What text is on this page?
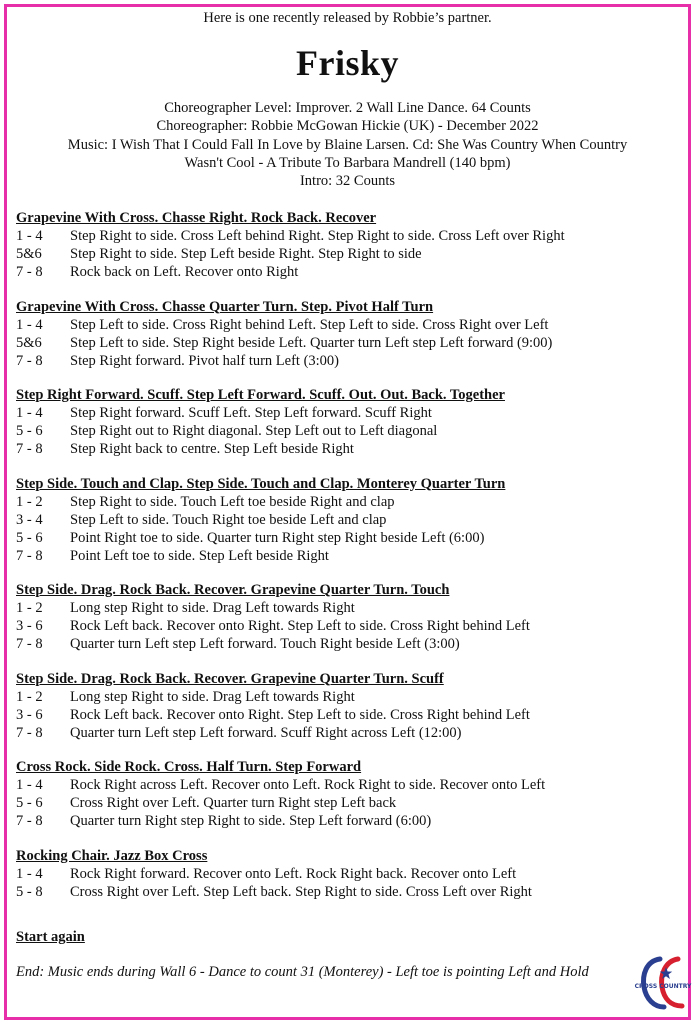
Here is one recently released by Robbie’s partner.
Frisky
Choreographer Level: Improver. 2 Wall Line Dance. 64 Counts
Choreographer: Robbie McGowan Hickie (UK) - December 2022
Music: I Wish That I Could Fall In Love by Blaine Larsen. Cd: She Was Country When Country
Wasn't Cool - A Tribute To Barbara Mandrell (140 bpm)
Intro: 32 Counts
Grapevine With Cross. Chasse Right. Rock Back. Recover
1 - 4	Step Right to side. Cross Left behind Right. Step Right to side. Cross Left over Right
5&6	Step Right to side. Step Left beside Right. Step Right to side
7 - 8	Rock back on Left. Recover onto Right
Grapevine With Cross. Chasse Quarter Turn. Step. Pivot Half Turn
1 - 4	Step Left to side. Cross Right behind Left. Step Left to side. Cross Right over Left
5&6	Step Left to side. Step Right beside Left. Quarter turn Left step Left forward (9:00)
7 - 8	Step Right forward. Pivot half turn Left (3:00)
Step Right Forward. Scuff. Step Left Forward. Scuff. Out. Out. Back. Together
1 - 4	Step Right forward. Scuff Left. Step Left forward. Scuff Right
5 - 6	Step Right out to Right diagonal. Step Left out to Left diagonal
7 - 8	Step Right back to centre. Step Left beside Right
Step Side. Touch and Clap. Step Side. Touch and Clap. Monterey Quarter Turn
1 - 2	Step Right to side. Touch Left toe beside Right and clap
3 - 4	Step Left to side. Touch Right toe beside Left and clap
5 - 6	Point Right toe to side. Quarter turn Right step Right beside Left (6:00)
7 - 8	Point Left toe to side. Step Left beside Right
Step Side. Drag. Rock Back. Recover. Grapevine Quarter Turn. Touch
1 - 2	Long step Right to side. Drag Left towards Right
3 - 6	Rock Left back. Recover onto Right. Step Left to side. Cross Right behind Left
7 - 8	Quarter turn Left step Left forward. Touch Right beside Left (3:00)
Step Side. Drag. Rock Back. Recover. Grapevine Quarter Turn. Scuff
1 - 2	Long step Right to side. Drag Left towards Right
3 - 6	Rock Left back. Recover onto Right. Step Left to side. Cross Right behind Left
7 - 8	Quarter turn Left step Left forward. Scuff Right across Left (12:00)
Cross Rock. Side Rock. Cross. Half Turn. Step Forward
1 - 4	Rock Right across Left. Recover onto Left. Rock Right to side. Recover onto Left
5 - 6	Cross Right over Left. Quarter turn Right step Left back
7 - 8	Quarter turn Right step Right to side. Step Left forward (6:00)
Rocking Chair. Jazz Box Cross
1 - 4	Rock Right forward. Recover onto Left. Rock Right back. Recover onto Left
5 - 8	Cross Right over Left. Step Left back. Step Right to side. Cross Left over Right
Start again
End: Music ends during Wall 6 - Dance to count 31 (Monterey) - Left toe is pointing Left and Hold
CROSS COUNTRY
